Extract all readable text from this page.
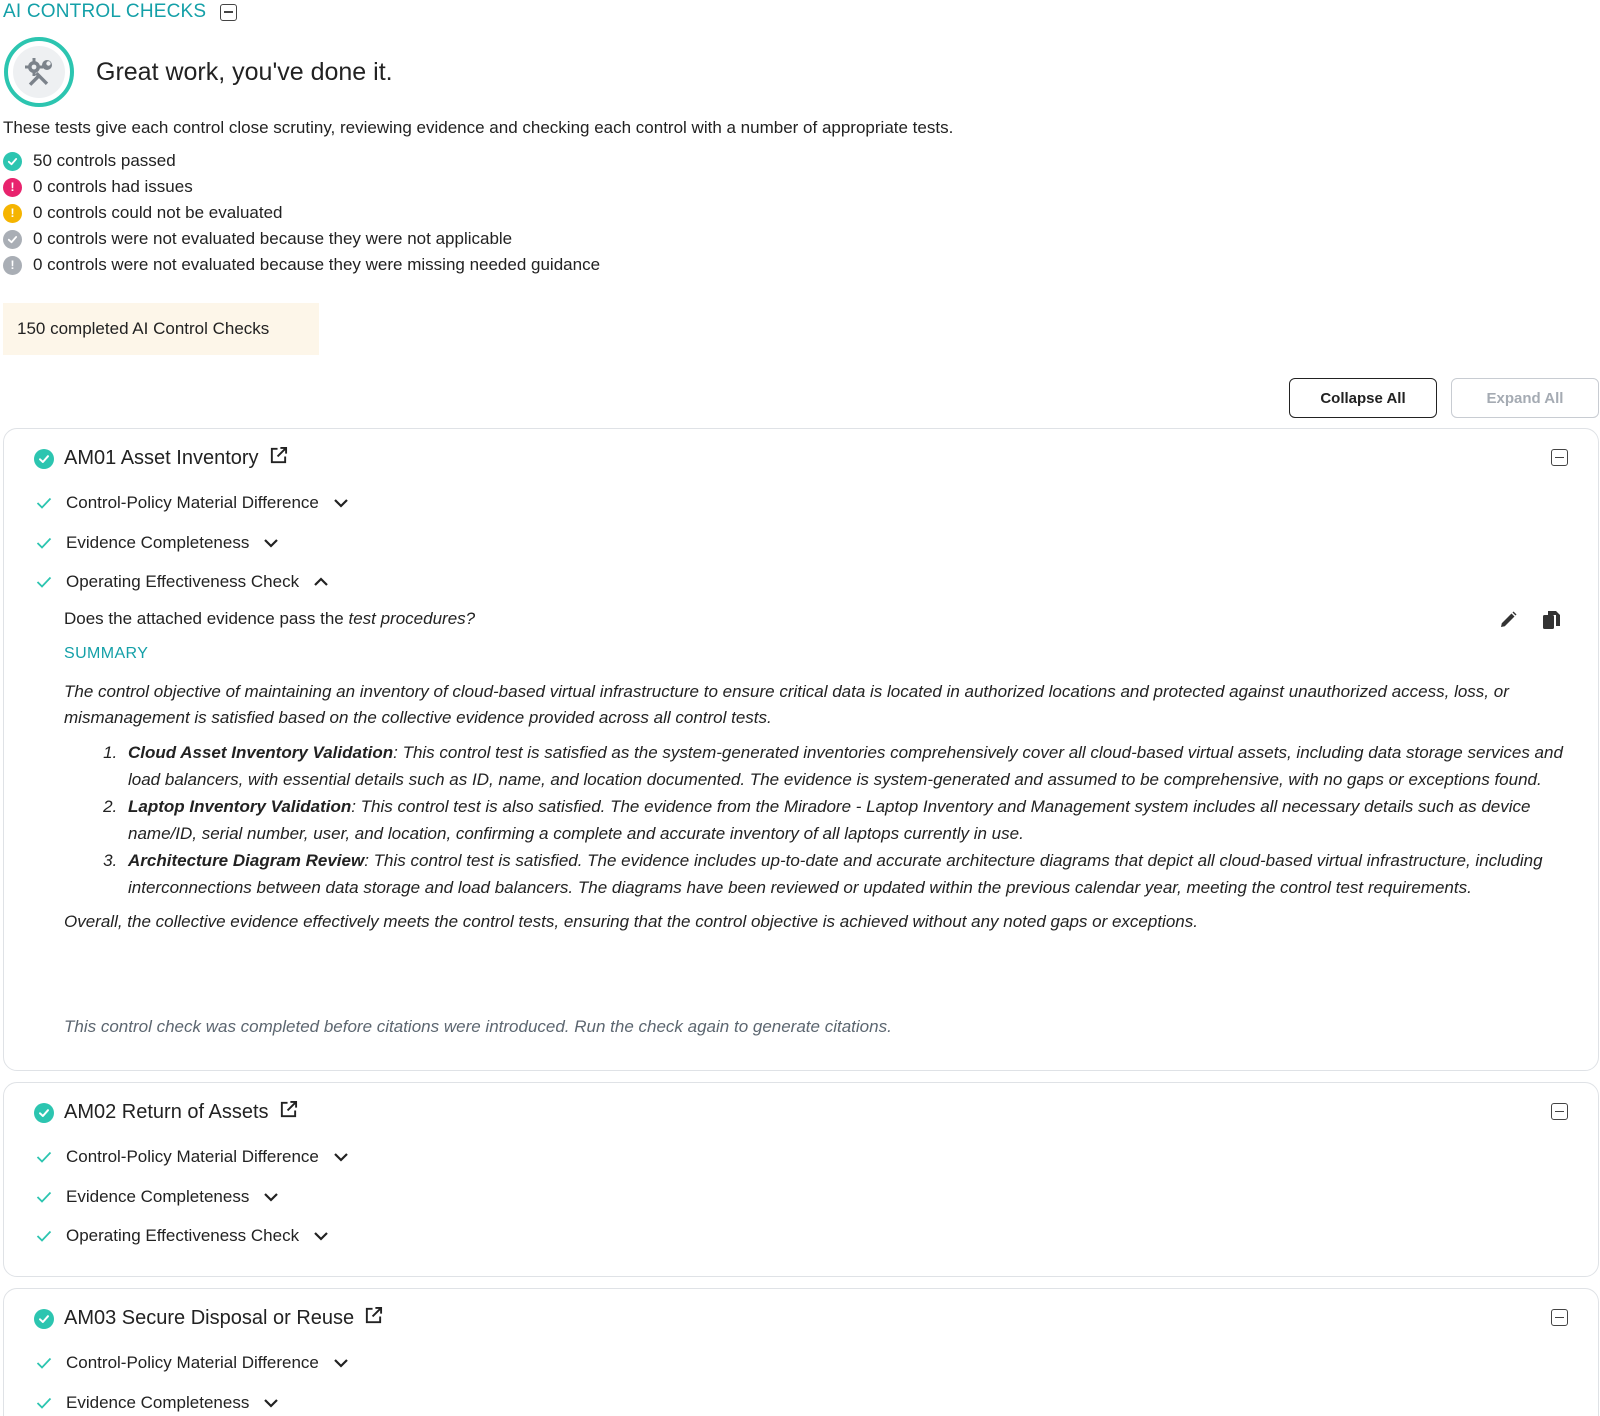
AI CONTROL CHECKS
Great work, you've done it.
These tests give each control close scrutiny, reviewing evidence and checking each control with a number of appropriate tests.
50 controls passed
!	0 controls had issues
!	0 controls could not be evaluated
0 controls were not evaluated because they were not applicable
!	0 controls were not evaluated because they were missing needed guidance
150 completed AI Control Checks
Collapse All	Expand All
AM01 Asset Inventory
Control-Policy Material Difference
Evidence Completeness
Operating Effectiveness Check
Does the attached evidence pass the test procedures?
SUMMARY

The control objective of maintaining an inventory of cloud-based virtual infrastructure to ensure critical data is located in authorized locations and protected against unauthorized access, loss, or mismanagement is satisfied based on the collective evidence provided across all control tests.

1. Cloud Asset Inventory Validation: This control test is satisfied as the system-generated inventories comprehensively cover all cloud-based virtual assets, including data storage services and load balancers, with essential details such as ID, name, and location documented. The evidence is system-generated and assumed to be comprehensive, with no gaps or exceptions found.
2. Laptop Inventory Validation: This control test is also satisfied. The evidence from the Miradore - Laptop Inventory and Management system includes all necessary details such as device name/ID, serial number, user, and location, confirming a complete and accurate inventory of all laptops currently in use.
3. Architecture Diagram Review: This control test is satisfied. The evidence includes up-to-date and accurate architecture diagrams that depict all cloud-based virtual infrastructure, including interconnections between data storage and load balancers. The diagrams have been reviewed or updated within the previous calendar year, meeting the control test requirements.

Overall, the collective evidence effectively meets the control tests, ensuring that the control objective is achieved without any noted gaps or exceptions.

This control check was completed before citations were introduced. Run the check again to generate citations.
AM02 Return of Assets
Control-Policy Material Difference
Evidence Completeness
Operating Effectiveness Check
AM03 Secure Disposal or Reuse
Control-Policy Material Difference
Evidence Completeness
